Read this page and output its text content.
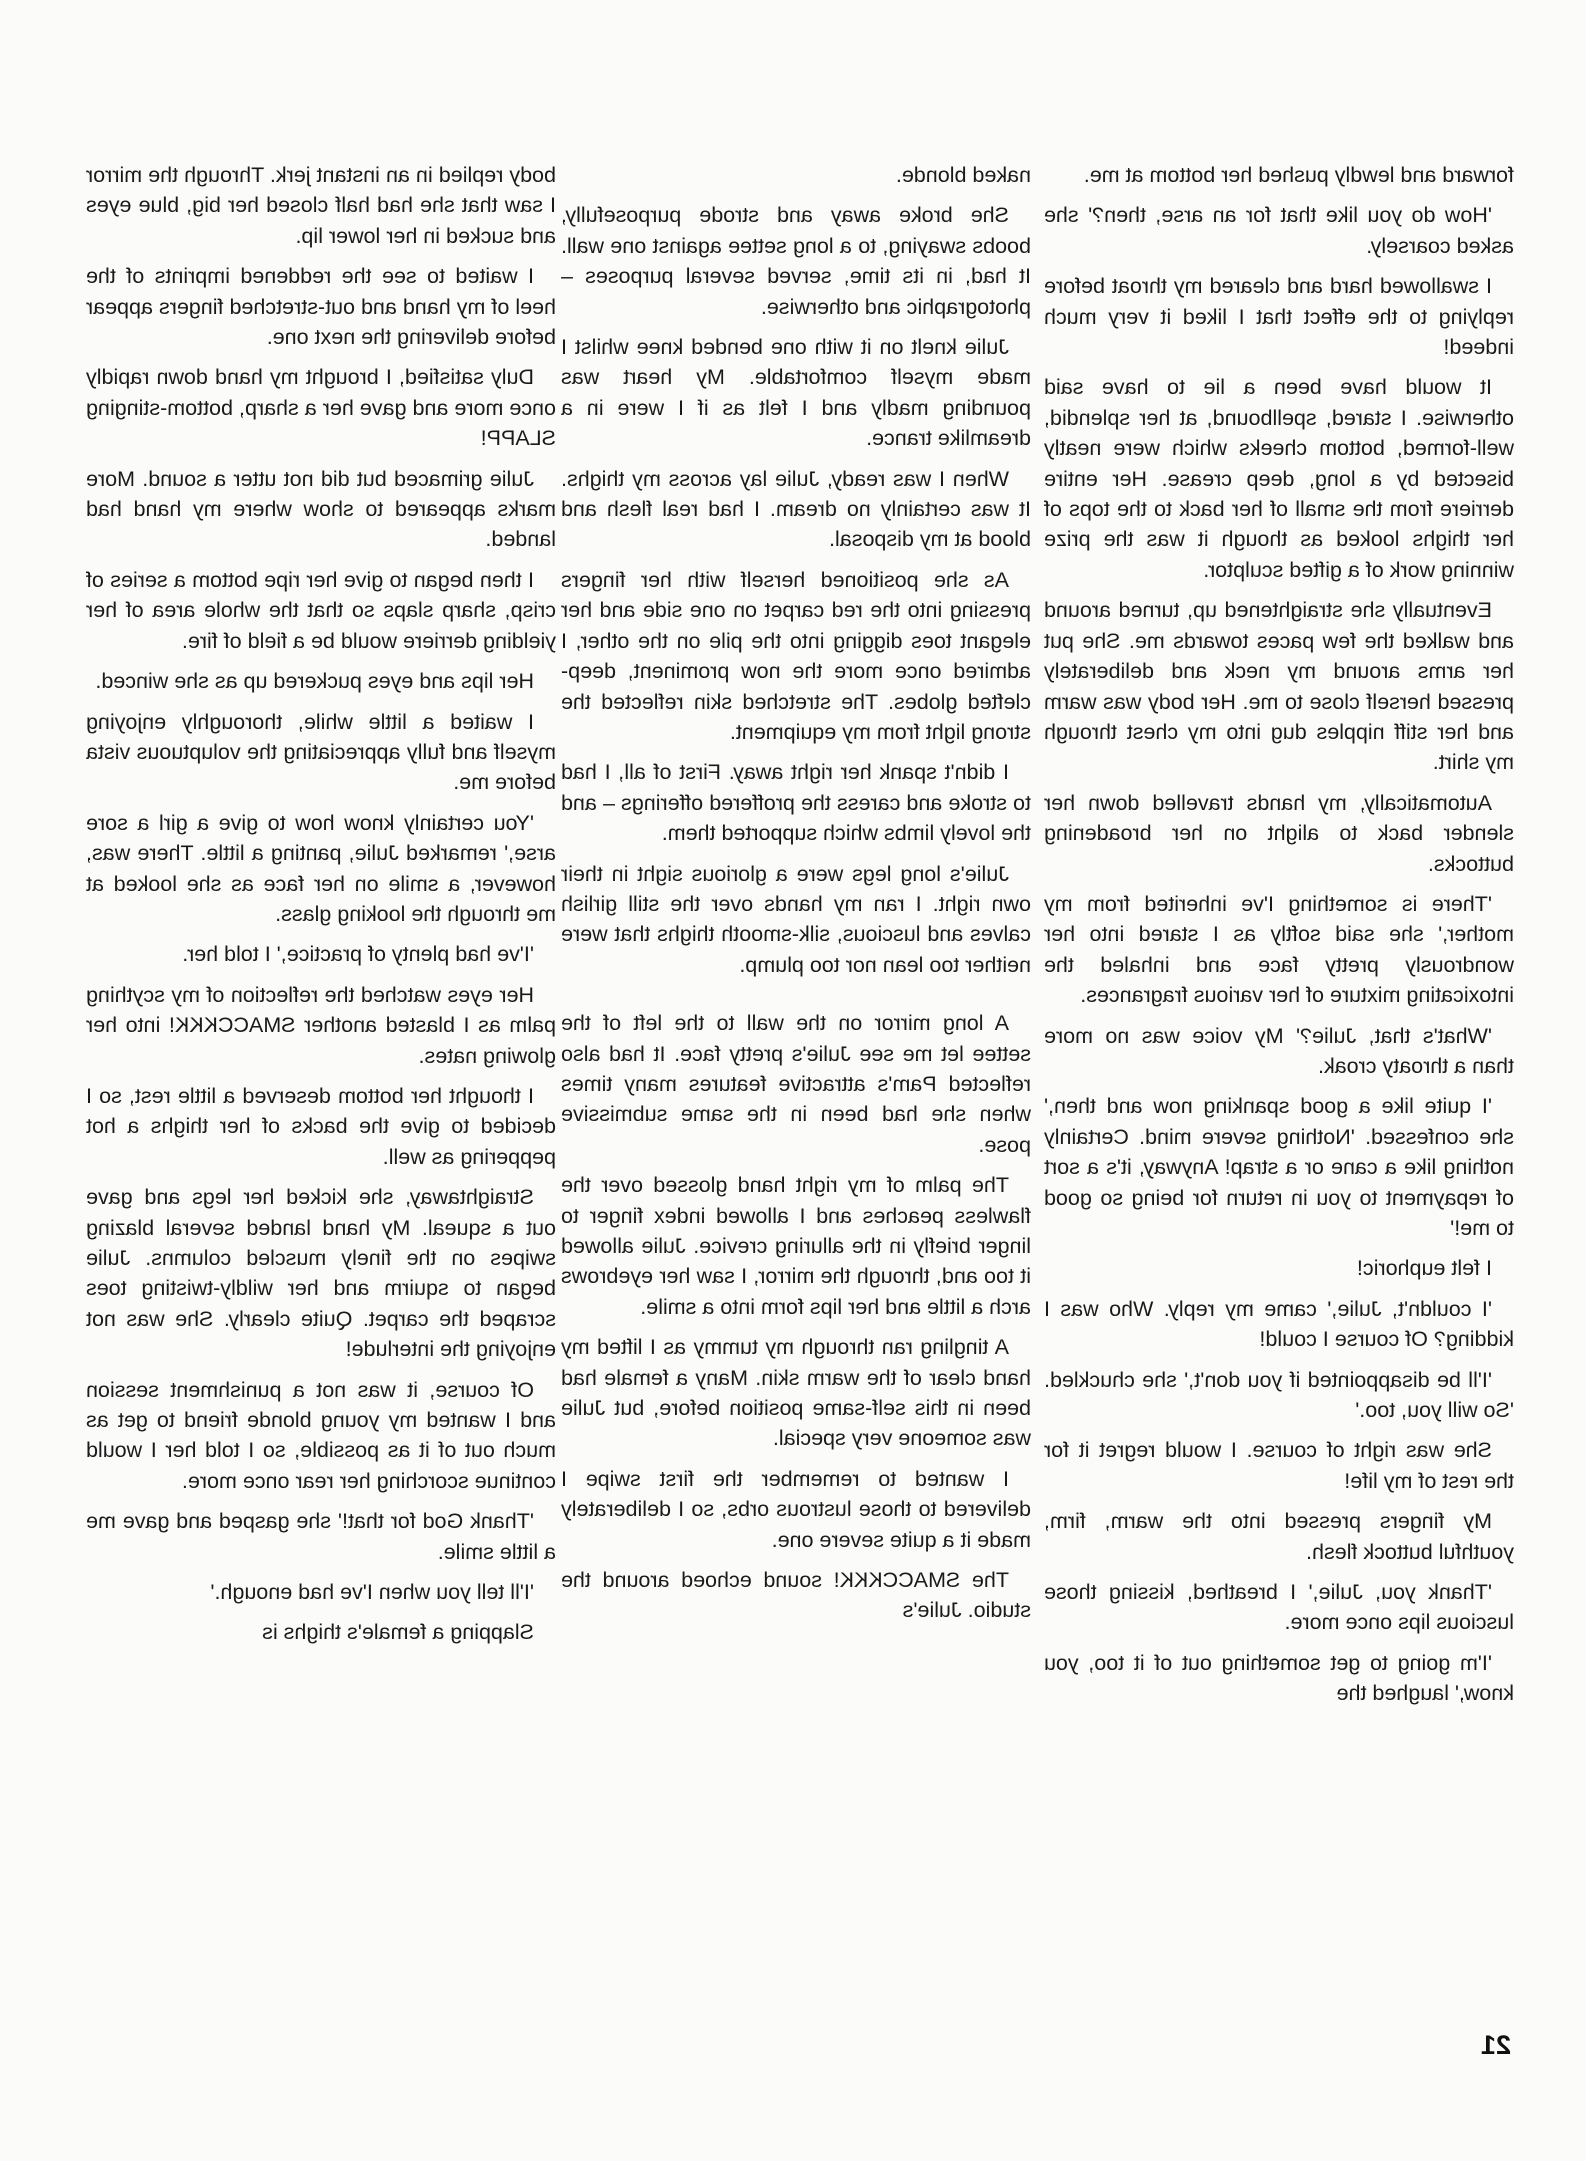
forward and lewdly pushed her bottom at me.

'How do you like that for an arse, then?' she asked coarsely.

I swallowed hard and cleared my throat before replying to the effect that I liked it very much indeed!

It would have been a lie to have said otherwise. I stared, spellbound, at her splendid, well-formed, bottom cheeks which were neatly bisected by a long, deep crease. Her entire derriere from the small of her back to the tops of her thighs looked as though it was the prize winning work of a gifted sculptor.

Eventually she straightened up, turned around and walked the few paces towards me. She put her arms around my neck and deliberately pressed herself close to me. Her body was warm and her stiff nipples dug into my chest through my shirt.

Automatically, my hands travelled down her slender back to alight on her broadening buttocks.

'There is something I've inherited from my mother,' she said softly as I stared into her wondrously pretty face and inhaled the intoxicating mixture of her various fragrances.

'What's that, Julie?' My voice was no more than a throaty croak.

'I quite like a good spanking now and then,' she confessed. 'Nothing severe mind. Certainly nothing like a cane or a strap! Anyway, it's a sort of repayment to you in return for being so good to me!'

I felt euphoric!

'I couldn't, Julie,' came my reply. Who was I kidding? Of course I could!

'I'll be disappointed if you don't,' she chuckled. 'So will you, too.'

She was right of course. I would regret it for the rest of my life!

My fingers pressed into the warm, firm, youthful buttock flesh.

'Thank you, Julie,' I breathed, kissing those luscious lips once more.

'I'm going to get something out of it too, you know,' laughed the

naked blonde.

She broke away and strode purposefully, boobs swaying, to a long settee against one wall. It had, in its time, served several purposes – photographic and otherwise.

Julie knelt on it with one bended knee whilst I made myself comfortable. My heart was pounding madly and I felt as if I were in a dreamlike trance.

When I was ready, Julie lay across my thighs. It was certainly no dream. I had real flesh and blood at my disposal.

As she positioned herself with her fingers pressing into the red carpet on one side and her elegant toes digging into the pile on the other, I admired once more the now prominent, deep-clefted globes. The stretched skin reflected the strong light from my equipment.

I didn't spank her right away. First of all, I had to stroke and caress the proffered offerings – and the lovely limbs which supported them.

Julie's long legs were a glorious sight in their own right. I ran my hands over the still girlish calves and luscious, silk-smooth thighs that were neither too lean nor too plump.

A long mirror on the wall to the left of the settee let me see Julie's pretty face. It had also reflected Pam's attractive features many times when she had been in the same submissive pose.

The palm of my right hand glossed over the flawless peaches and I allowed index finger to linger briefly in the alluring crevice. Julie allowed it too and, through the mirror, I saw her eyebrows arch a little and her lips form into a smile.

A tingling ran through my tummy as I lifted my hand clear of the warm skin. Many a female had been in this self-same position before, but Julie was someone very special.

I wanted to remember the first swipe I delivered to those lustrous orbs, so I deliberately made it a quite severe one.

The SMACCKKK! sound echoed around the studio. Julie's

body replied in an instant jerk. Through the mirror I saw that she had half closed her big, blue eyes and sucked in her lower lip.

I waited to see the reddened imprints of the heel of my hand and out-stretched fingers appear before delivering the next one.

Duly satisfied, I brought my hand down rapidly once more and gave her a sharp, bottom-stinging SLAPP!

Julie grimaced but did not utter a sound. More marks appeared to show where my hand had landed.

I then began to give her ripe bottom a series of crisp, sharp slaps so that the whole area of her yielding derriere would be a field of fire.

Her lips and eyes puckered up as she winced.

I waited a little while, thoroughly enjoying myself and fully appreciating the voluptuous vista before me.

'You certainly know how to give a girl a sore arse,' remarked Julie, panting a little. There was, however, a smile on her face as she looked at me through the looking glass.

'I've had plenty of practice,' I told her.

Her eyes watched the reflection of my scything palm as I blasted another SMACCKKK! into her glowing nates.

I thought her bottom deserved a little rest, so I decided to give the backs of her thighs a hot peppering as well.

Straightaway, she kicked her legs and gave out a squeal. My hand landed several blazing swipes on the finely muscled columns. Julie began to squirm and her wildly-twisting toes scraped the carpet. Quite clearly. She was not enjoying the interlude!

Of course, it was not a punishment session and I wanted my young blonde friend to get as much out of it as possible, so I told her I would continue scorching her rear once more.

'Thank God for that!' she gasped and gave me a little smile.

'I'll tell you when I've had enough.'

Slapping a female's thighs is

21
